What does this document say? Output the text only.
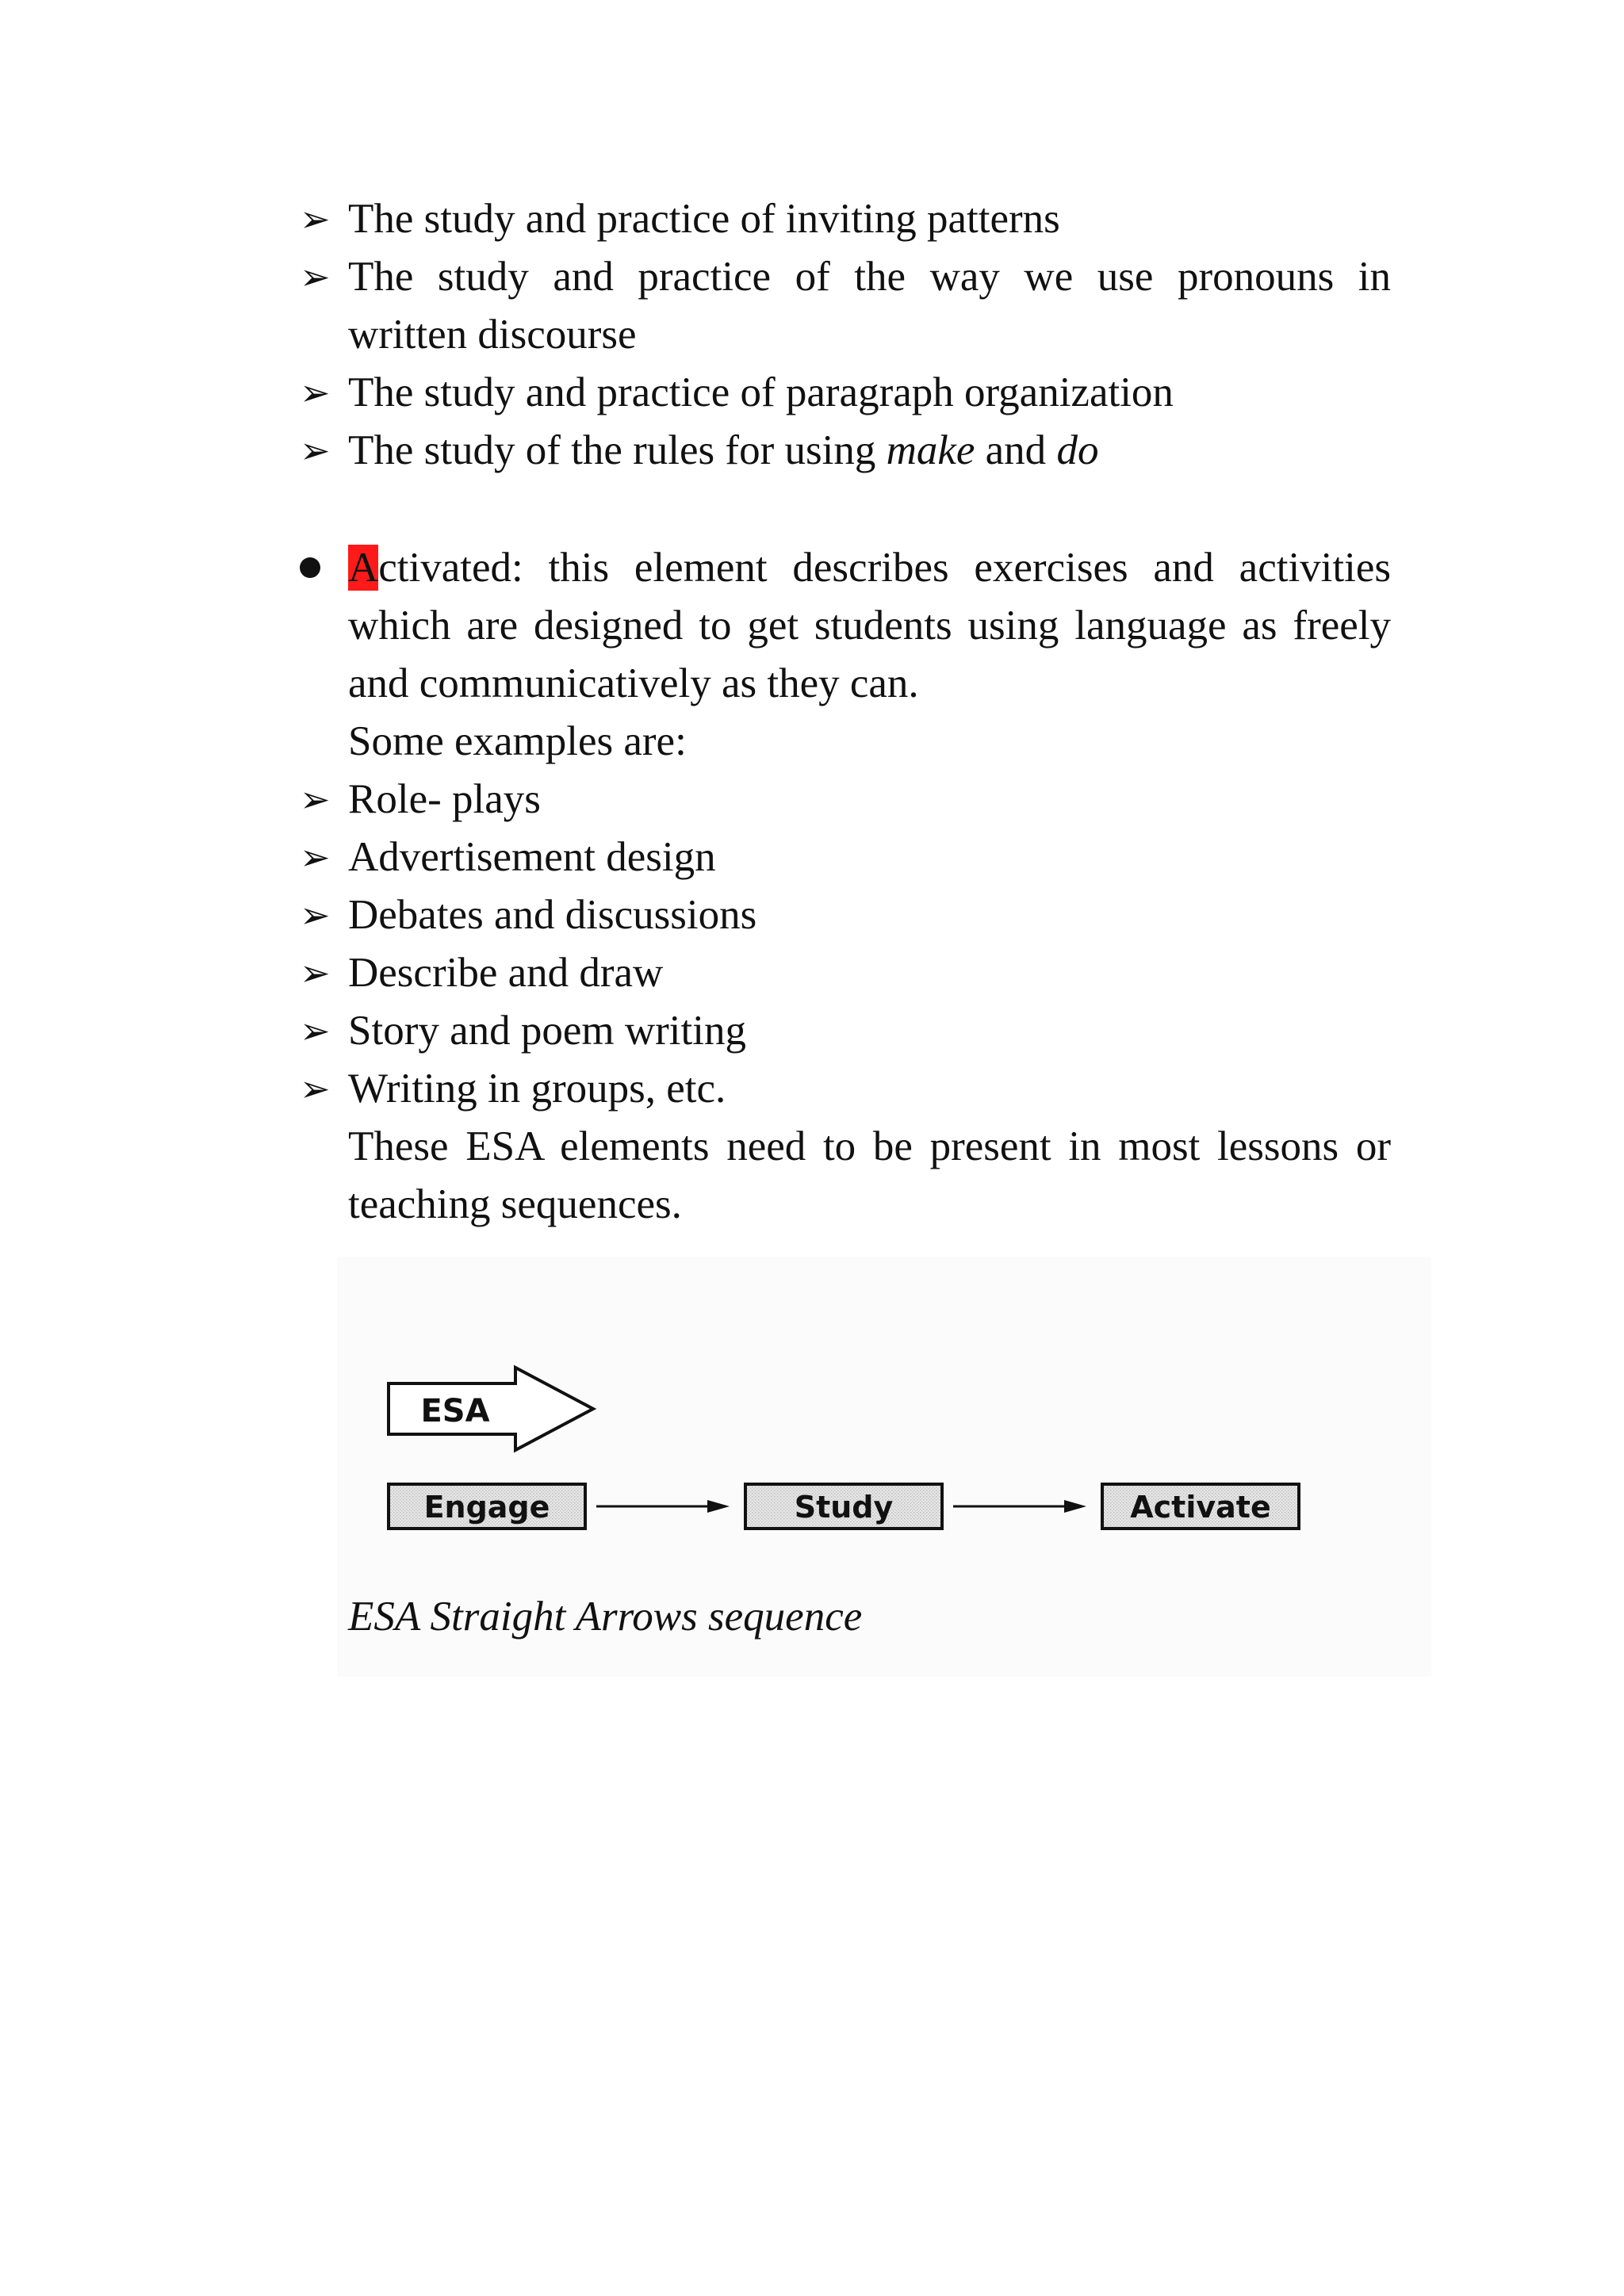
➢ The study and practice of inviting patterns
➢ The study and practice of the way we use pronouns in
written discourse
➢ The study and practice of paragraph organization
➢ The study of the rules for using make and do
Activated: this element describes exercises and activities
which are designed to get students using language as freely
and communicatively as they can.
Some examples are:
➢ Role- plays
➢ Advertisement design
➢ Debates and discussions
➢ Describe and draw
➢ Story and poem writing
➢ Writing in groups, etc.
These ESA elements need to be present in most lessons or
teaching sequences.
ESA
Engage	Study	Activate
ESA Straight Arrows sequence
